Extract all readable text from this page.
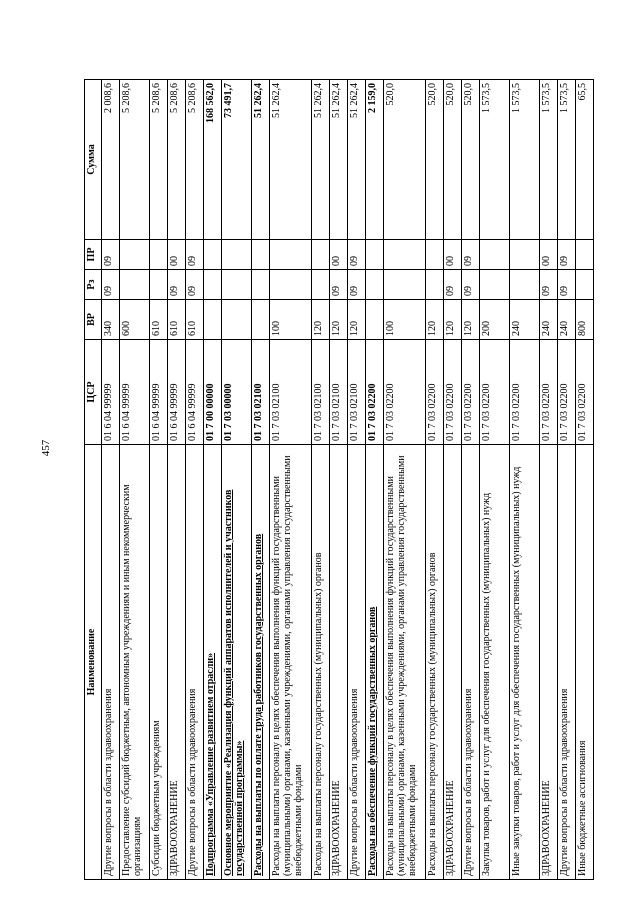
457
Наименование	ЦСР	ВР	Рз	ПР	Сумма
Другие вопросы в области здравоохранения	01 6 04 99999	340	09	09	2 008,6
Предоставление субсидий бюджетным, автономным учреждениям и иным некоммерческим организациям	01 6 04 99999	600			5 208,6
Субсидии бюджетным учреждениям	01 6 04 99999	610			5 208,6
ЗДРАВООХРАНЕНИЕ	01 6 04 99999	610	09	00	5 208,6
Другие вопросы в области здравоохранения	01 6 04 99999	610	09	09	5 208,6
Подпрограмма «Управление развитием отрасли»	01 7 00 00000				168 562,0
Основное мероприятие «Реализация функций аппаратов исполнителей и участников государственной программы»	01 7 03 00000				73 491,7
Расходы на выплаты по оплате труда работников государственных органов	01 7 03 02100				51 262,4
Расходы на выплаты персоналу в целях обеспечения выполнения функций государственными (муниципальными) органами, казенными учреждениями, органами управления государственными внебюджетными фондами	01 7 03 02100	100			51 262,4
Расходы на выплаты персоналу государственных (муниципальных) органов	01 7 03 02100	120			51 262,4
ЗДРАВООХРАНЕНИЕ	01 7 03 02100	120	09	00	51 262,4
Другие вопросы в области здравоохранения	01 7 03 02100	120	09	09	51 262,4
Расходы на обеспечение функций государственных органов	01 7 03 02200				2 159,0
Расходы на выплаты персоналу в целях обеспечения выполнения функций государственными (муниципальными) органами, казенными учреждениями, органами управления государственными внебюджетными фондами	01 7 03 02200	100			520,0
Расходы на выплаты персоналу государственных (муниципальных) органов	01 7 03 02200	120			520,0
ЗДРАВООХРАНЕНИЕ	01 7 03 02200	120	09	00	520,0
Другие вопросы в области здравоохранения	01 7 03 02200	120	09	09	520,0
Закупка товаров, работ и услуг для обеспечения государственных (муниципальных) нужд	01 7 03 02200	200			1 573,5
Иные закупки товаров, работ и услуг для обеспечения государственных (муниципальных) нужд	01 7 03 02200	240			1 573,5
ЗДРАВООХРАНЕНИЕ	01 7 03 02200	240	09	00	1 573,5
Другие вопросы в области здравоохранения	01 7 03 02200	240	09	09	1 573,5
Иные бюджетные ассигнования	01 7 03 02200	800			65,5
